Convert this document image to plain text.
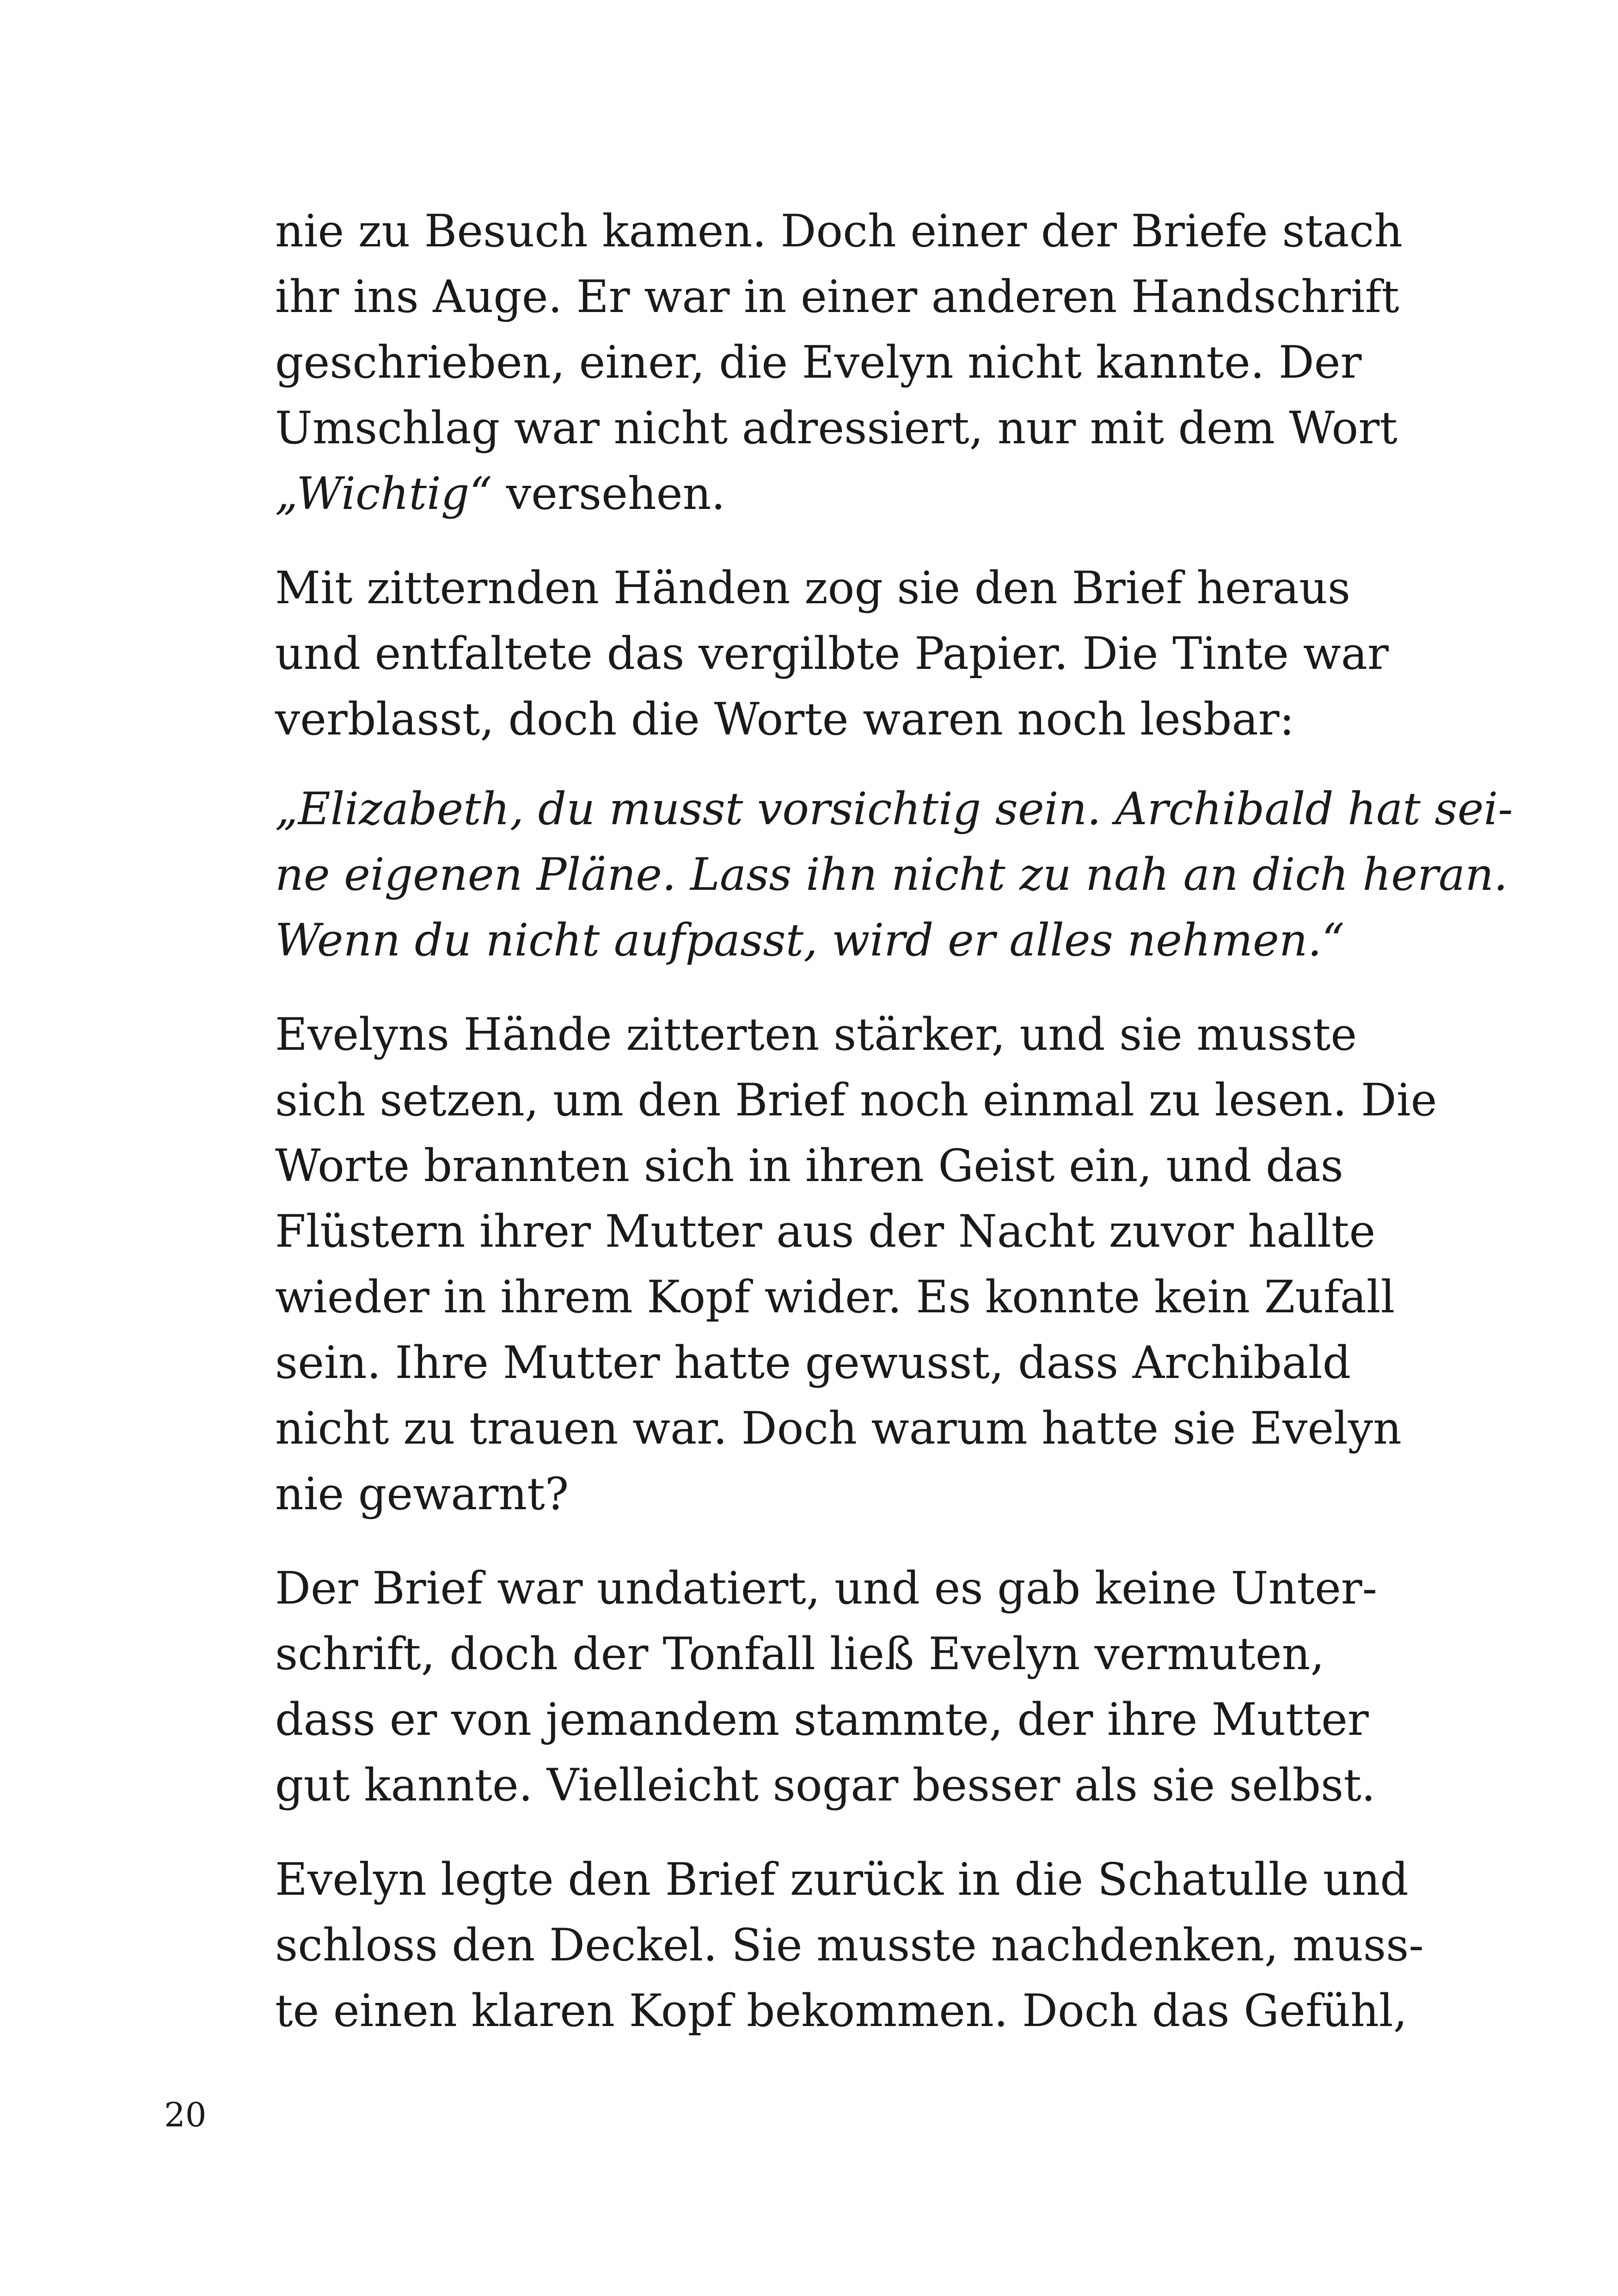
nie zu Besuch kamen. Doch einer der Briefe stach

ihr ins Auge. Er war in einer anderen Handschrift

geschrieben, einer, die Evelyn nicht kannte. Der

Umschlag war nicht adressiert, nur mit dem Wort

„Wichtig“ versehen.

Mit zitternden Händen zog sie den Brief heraus

und entfaltete das vergilbte Papier. Die Tinte war

verblasst, doch die Worte waren noch lesbar:

„Elizabeth, du musst vorsichtig sein. Archibald hat sei-

ne eigenen Pläne. Lass ihn nicht zu nah an dich heran.

Wenn du nicht aufpasst, wird er alles nehmen.“

Evelyns Hände zitterten stärker, und sie musste

sich setzen, um den Brief noch einmal zu lesen. Die

Worte brannten sich in ihren Geist ein, und das

Flüstern ihrer Mutter aus der Nacht zuvor hallte

wieder in ihrem Kopf wider. Es konnte kein Zufall

sein. Ihre Mutter hatte gewusst, dass Archibald

nicht zu trauen war. Doch warum hatte sie Evelyn

nie gewarnt?

Der Brief war undatiert, und es gab keine Unter-

schrift, doch der Tonfall ließ Evelyn vermuten,

dass er von jemandem stammte, der ihre Mutter

gut kannte. Vielleicht sogar besser als sie selbst.

Evelyn legte den Brief zurück in die Schatulle und

schloss den Deckel. Sie musste nachdenken, muss-

te einen klaren Kopf bekommen. Doch das Gefühl,

20
